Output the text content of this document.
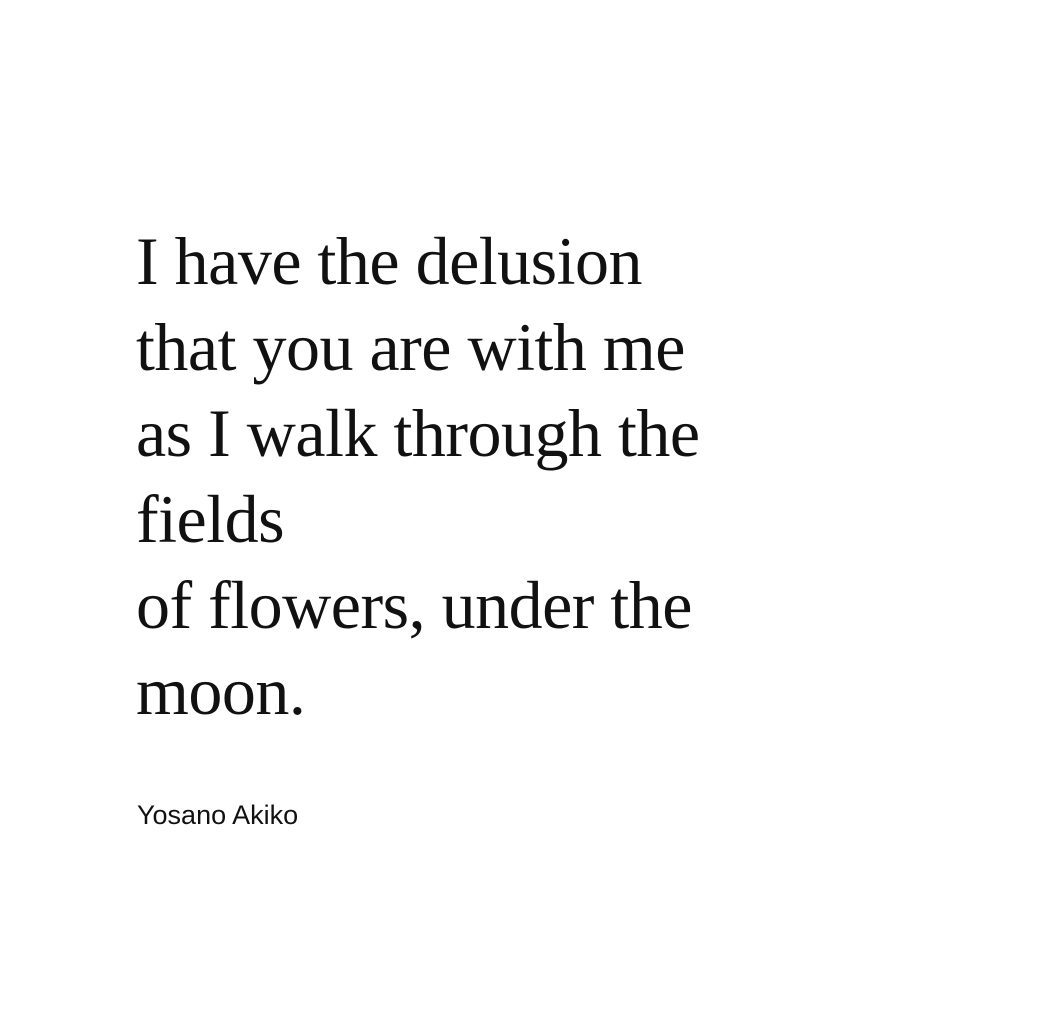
I have the delusion
that you are with me
as I walk through the
fields
of flowers, under the
moon.
Yosano Akiko
